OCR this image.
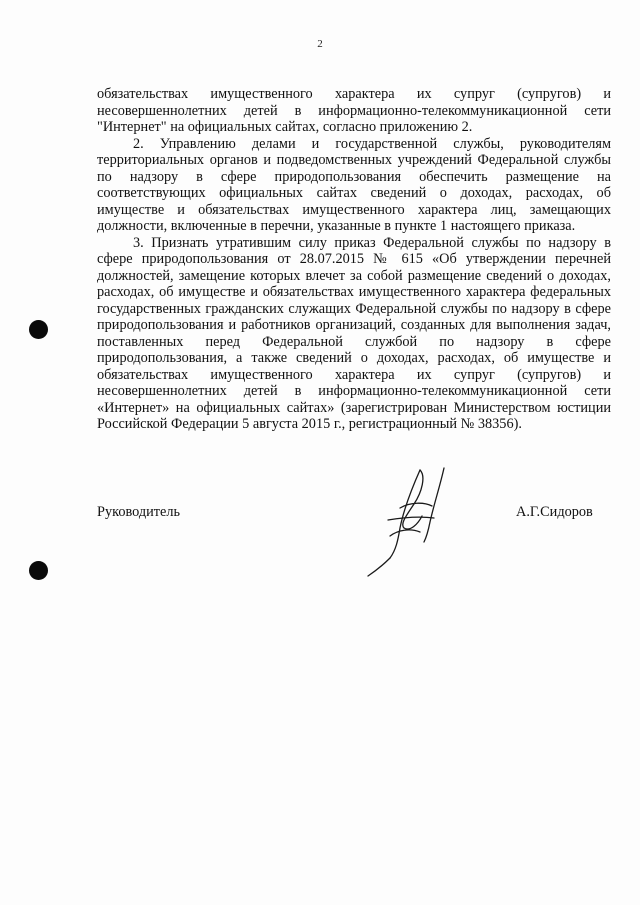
2

обязательствах имущественного характера их супруг (супругов) и несовершеннолетних детей в информационно-телекоммуникационной сети "Интернет" на официальных сайтах, согласно приложению 2.

2. Управлению делами и государственной службы, руководителям территориальных органов и подведомственных учреждений Федеральной службы по надзору в сфере природопользования обеспечить размещение на соответствующих официальных сайтах сведений о доходах, расходах, об имуществе и обязательствах имущественного характера лиц, замещающих должности, включенные в перечни, указанные в пункте 1 настоящего приказа.

3. Признать утратившим силу приказ Федеральной службы по надзору в сфере природопользования от 28.07.2015 № 615 «Об утверждении перечней должностей, замещение которых влечет за собой размещение сведений о доходах, расходах, об имуществе и обязательствах имущественного характера федеральных государственных гражданских служащих Федеральной службы по надзору в сфере природопользования и работников организаций, созданных для выполнения задач, поставленных перед Федеральной службой по надзору в сфере природопользования, а также сведений о доходах, расходах, об имуществе и обязательствах имущественного характера их супруг (супругов) и несовершеннолетних детей в информационно-телекоммуникационной сети «Интернет» на официальных сайтах» (зарегистрирован Министерством юстиции Российской Федерации 5 августа 2015 г., регистрационный № 38356).

Руководитель	А.Г.Сидоров
